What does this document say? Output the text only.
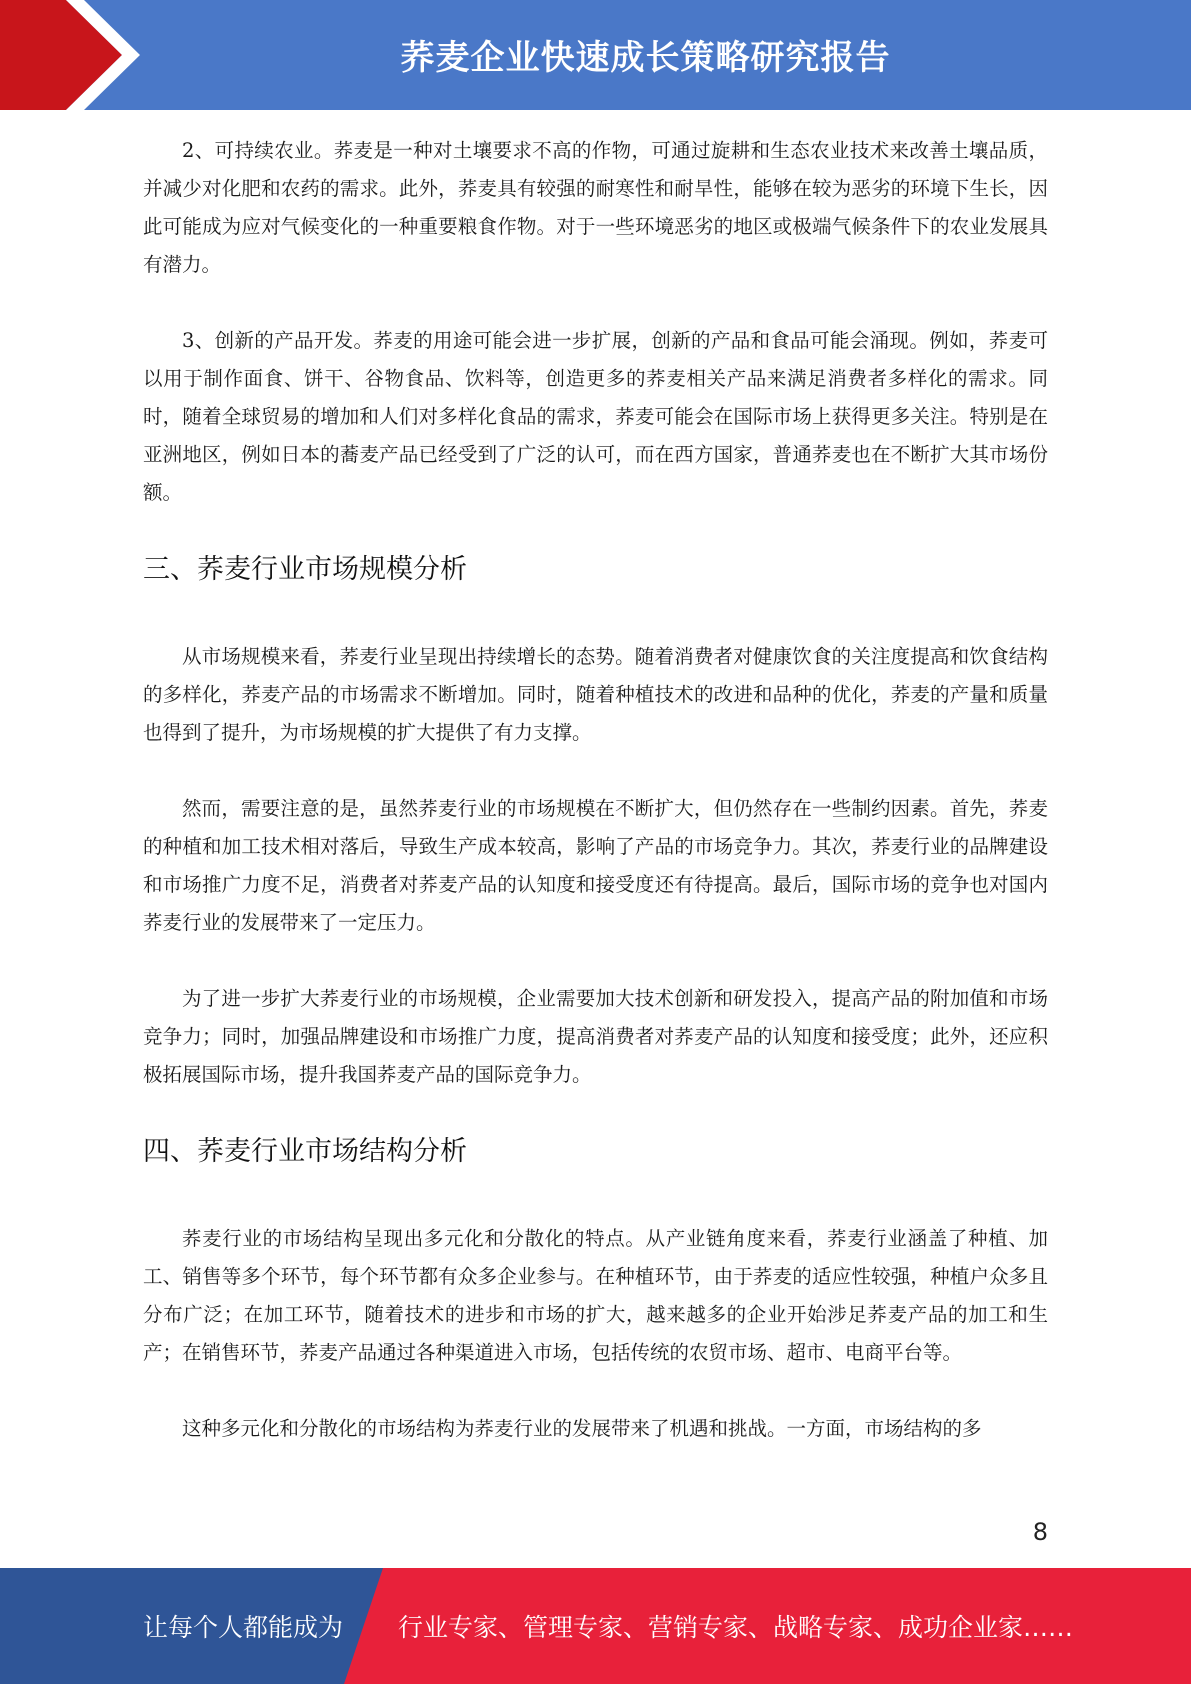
荞麦企业快速成长策略研究报告

2、可持续农业。荞麦是一种对土壤要求不高的作物，可通过旋耕和生态农业技术来改善土壤品质，并减少对化肥和农药的需求。此外，荞麦具有较强的耐寒性和耐旱性，能够在较为恶劣的环境下生长，因此可能成为应对气候变化的一种重要粮食作物。对于一些环境恶劣的地区或极端气候条件下的农业发展具有潜力。

3、创新的产品开发。荞麦的用途可能会进一步扩展，创新的产品和食品可能会涌现。例如，荞麦可以用于制作面食、饼干、谷物食品、饮料等，创造更多的荞麦相关产品来满足消费者多样化的需求。同时，随着全球贸易的增加和人们对多样化食品的需求，荞麦可能会在国际市场上获得更多关注。特别是在亚洲地区，例如日本的蕎麦产品已经受到了广泛的认可，而在西方国家，普通荞麦也在不断扩大其市场份额。

三、荞麦行业市场规模分析

从市场规模来看，荞麦行业呈现出持续增长的态势。随着消费者对健康饮食的关注度提高和饮食结构的多样化，荞麦产品的市场需求不断增加。同时，随着种植技术的改进和品种的优化，荞麦的产量和质量也得到了提升，为市场规模的扩大提供了有力支撑。

然而，需要注意的是，虽然荞麦行业的市场规模在不断扩大，但仍然存在一些制约因素。首先，荞麦的种植和加工技术相对落后，导致生产成本较高，影响了产品的市场竞争力。其次，荞麦行业的品牌建设和市场推广力度不足，消费者对荞麦产品的认知度和接受度还有待提高。最后，国际市场的竞争也对国内荞麦行业的发展带来了一定压力。

为了进一步扩大荞麦行业的市场规模，企业需要加大技术创新和研发投入，提高产品的附加值和市场竞争力；同时，加强品牌建设和市场推广力度，提高消费者对荞麦产品的认知度和接受度；此外，还应积极拓展国际市场，提升我国荞麦产品的国际竞争力。

四、荞麦行业市场结构分析

荞麦行业的市场结构呈现出多元化和分散化的特点。从产业链角度来看，荞麦行业涵盖了种植、加工、销售等多个环节，每个环节都有众多企业参与。在种植环节，由于荞麦的适应性较强，种植户众多且分布广泛；在加工环节，随着技术的进步和市场的扩大，越来越多的企业开始涉足荞麦产品的加工和生产；在销售环节，荞麦产品通过各种渠道进入市场，包括传统的农贸市场、超市、电商平台等。

这种多元化和分散化的市场结构为荞麦行业的发展带来了机遇和挑战。一方面，市场结构的多

8
让每个人都能成为 行业专家、管理专家、营销专家、战略专家、成功企业家……
